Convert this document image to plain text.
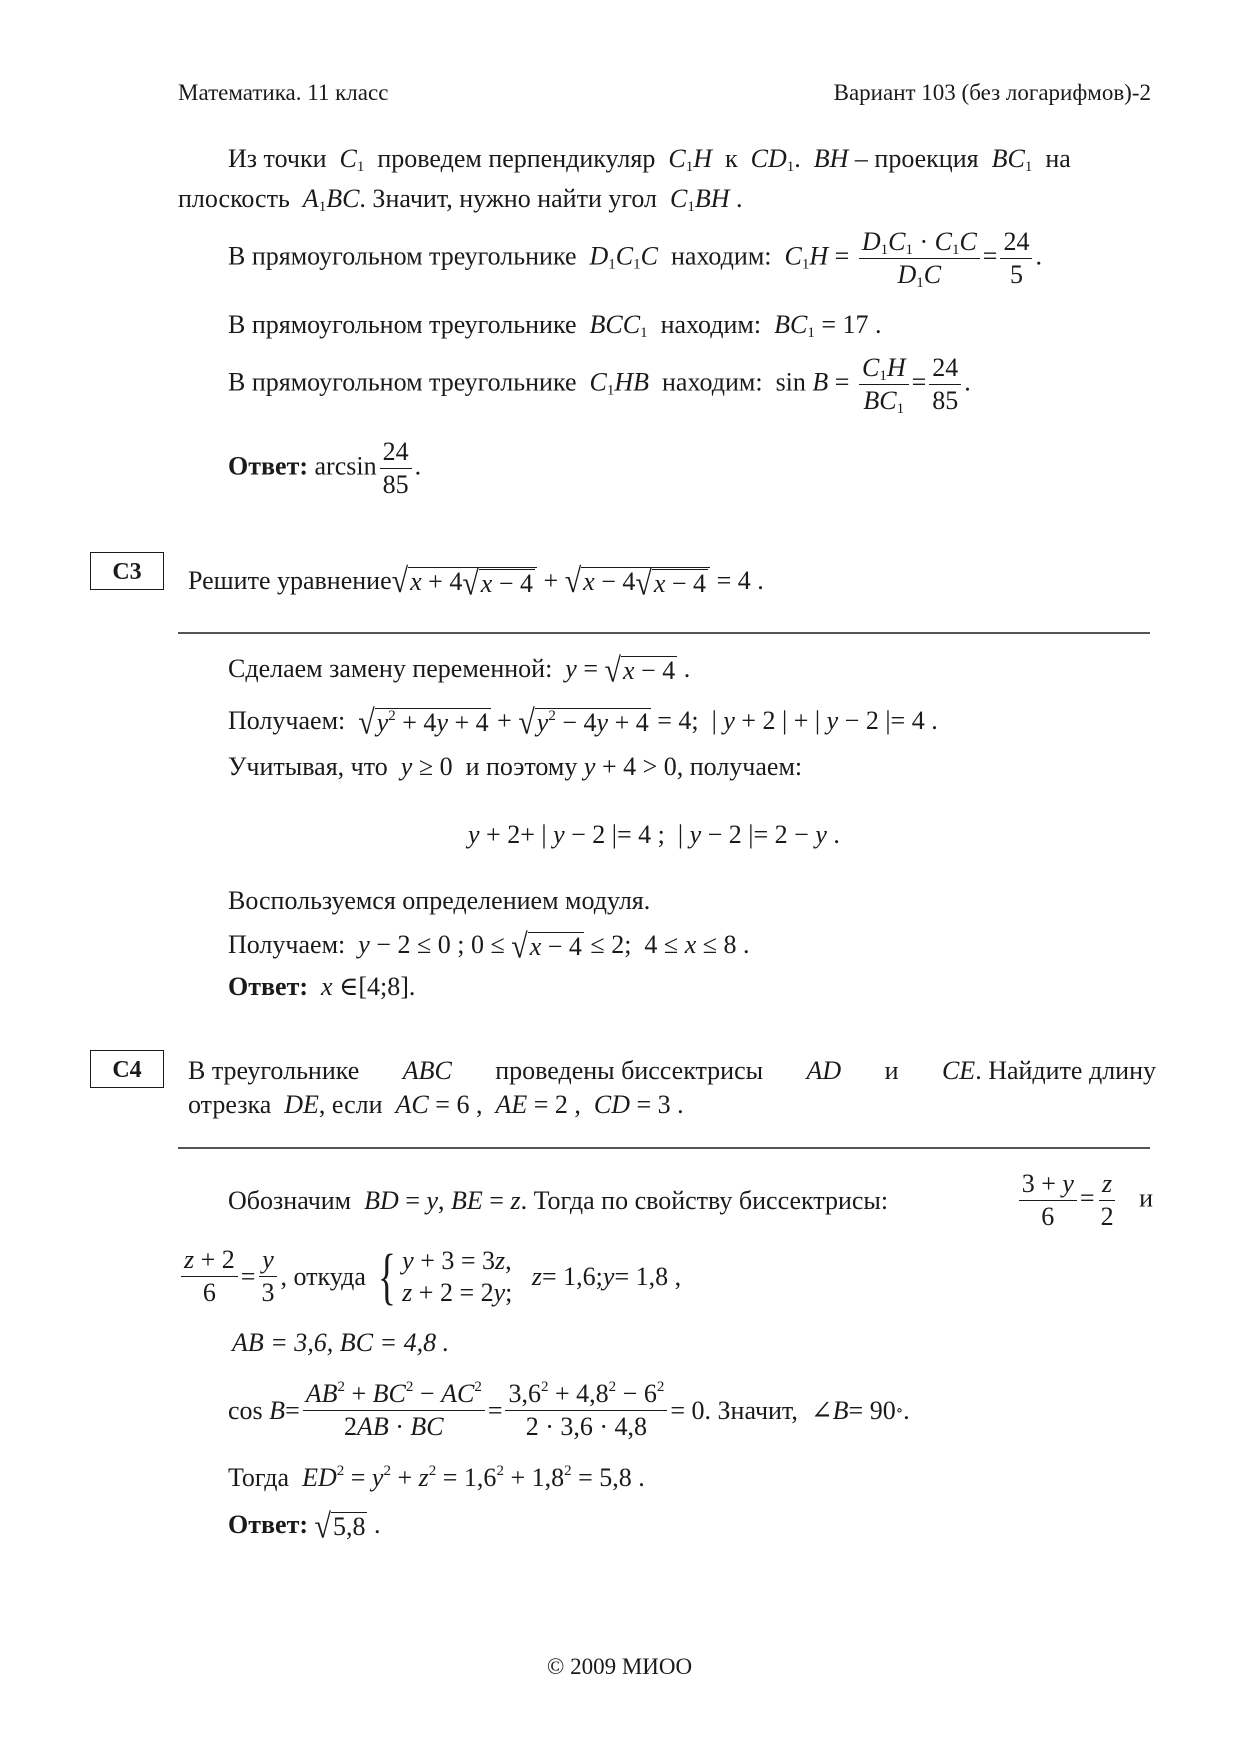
Математика. 11 класс	Вариант 103 (без логарифмов)-2
Из точки $C_1$ проведем перпендикуляр $C_1H$ к $CD_1$.  BH – проекция $BC_1$ на
плоскость $A_1BC$. Значит, нужно найти угол $C_1BH$ .
В прямоугольном треугольнике $D_1C_1C$ находим: $C_1H = \frac{D_1C_1 \cdot C_1C}{D_1C} = \frac{24}{5}$ .
В прямоугольном треугольнике $BCC_1$ находим: $BC_1 = 17$ .
В прямоугольном треугольнике $C_1HB$ находим:  $\sin B = \frac{C_1H}{BC_1} = \frac{24}{85}$ .
Ответ: $\arcsin \frac{24}{85}$ .
C3	Решите уравнение √ x + 4 √ x − 4 + √ x − 4 √ x − 4 = 4 .
Сделаем замену переменной: y = √ x − 4 .
Получаем: √ $y^2 + 4y + 4$ + √ $y^2 - 4y + 4 = 4$;  | y + 2 | + | y − 2 |= 4 .
Учитывая, что y ≥ 0  и поэтому y + 4 > 0, получаем:
y + 2+ | y − 2 |= 4 ;  | y − 2 |= 2 − y .
Воспользуемся определением модуля.
Получаем: y − 2 ≤ 0 ; 0 ≤ √ x − 4 ≤ 2;  4 ≤ x ≤ 8 .
Ответ: x ∈[4;8].
C4	В треугольнике ABC проведены биссектрисы AD и CE. Найдите длину
отрезка DE, если AC = 6 ,  AE = 2 ,  CD = 3 .
Обозначим BD = y, BE = z. Тогда по свойству биссектрисы:	$\frac{3 + y}{6} = \frac{z}{2}$ и
$\frac{z + 2}{6} = \frac{y}{3}$ , откуда
{ y + 3 = 3z,
z + 2 = 2y;

z = 1,6; y = 1,8 ,
AB = 3,6, BC = 4,8 .
$\cos B = \frac{AB^2 + BC^2 - AC^2}{2AB \cdot BC} = \frac{3,6^2 + 4,8^2 - 6^2}{2 \cdot 3,6 \cdot 4,8} = 0$ . Значит, ∠ B = 90 ∘ .
Тогда $ED^2 = y^2 + z^2 = 1,6^2 + 1,8^2 = 5,8$ .
Ответ: √ 5,8 .
© 2009 МИОО
